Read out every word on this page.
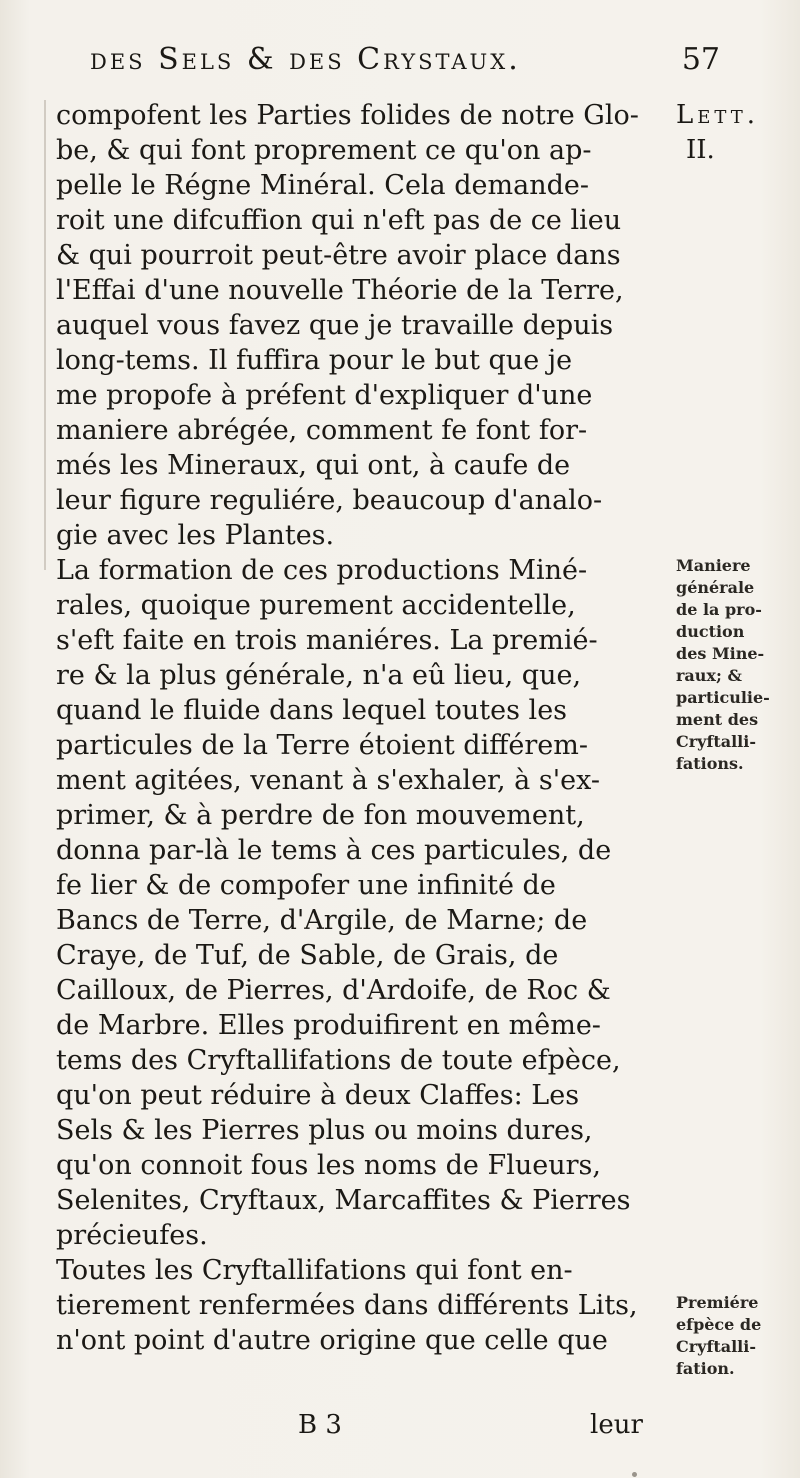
des Sels & des Crystaux.	57
compofent les Parties folides de notre Glo-
be, & qui font proprement ce qu'on ap-
pelle le Régne Minéral. Cela demande-
roit une difcuffion qui n'eft pas de ce lieu
& qui pourroit peut-être avoir place dans
l'Effai d'une nouvelle Théorie de la Terre,
auquel vous favez que je travaille depuis
long-tems. Il fuffira pour le but que je
me propofe à préfent d'expliquer d'une
maniere abrégée, comment fe font for-
més les Mineraux, qui ont, à caufe de
leur figure reguliére, beaucoup d'analo-
gie avec les Plantes.
La formation de ces productions Miné-
rales, quoique purement accidentelle,
s'eft faite en trois maniéres. La premié-
re & la plus générale, n'a eû lieu, que,
quand le fluide dans lequel toutes les
particules de la Terre étoient différem-
ment agitées, venant à s'exhaler, à s'ex-
primer, & à perdre de fon mouvement,
donna par-là le tems à ces particules, de
fe lier & de compofer une infinité de
Bancs de Terre, d'Argile, de Marne; de
Craye, de Tuf, de Sable, de Grais, de
Cailloux, de Pierres, d'Ardoife, de Roc &
de Marbre. Elles produifirent en même-
tems des Cryftallifations de toute efpèce,
qu'on peut réduire à deux Claffes: Les
Sels & les Pierres plus ou moins dures,
qu'on connoit fous les noms de Flueurs,
Selenites, Cryftaux, Marcaffites & Pierres
précieufes.
Toutes les Cryftallifations qui font en-
tierement renfermées dans différents Lits,
n'ont point d'autre origine que celle que
Lett.
II.
Maniere
générale
de la pro-
duction
des Mine-
raux; &
particulie-
ment des
Cryftalli-
fations.
Premiére
efpèce de
Cryftalli-
fation.
B 3	leur
